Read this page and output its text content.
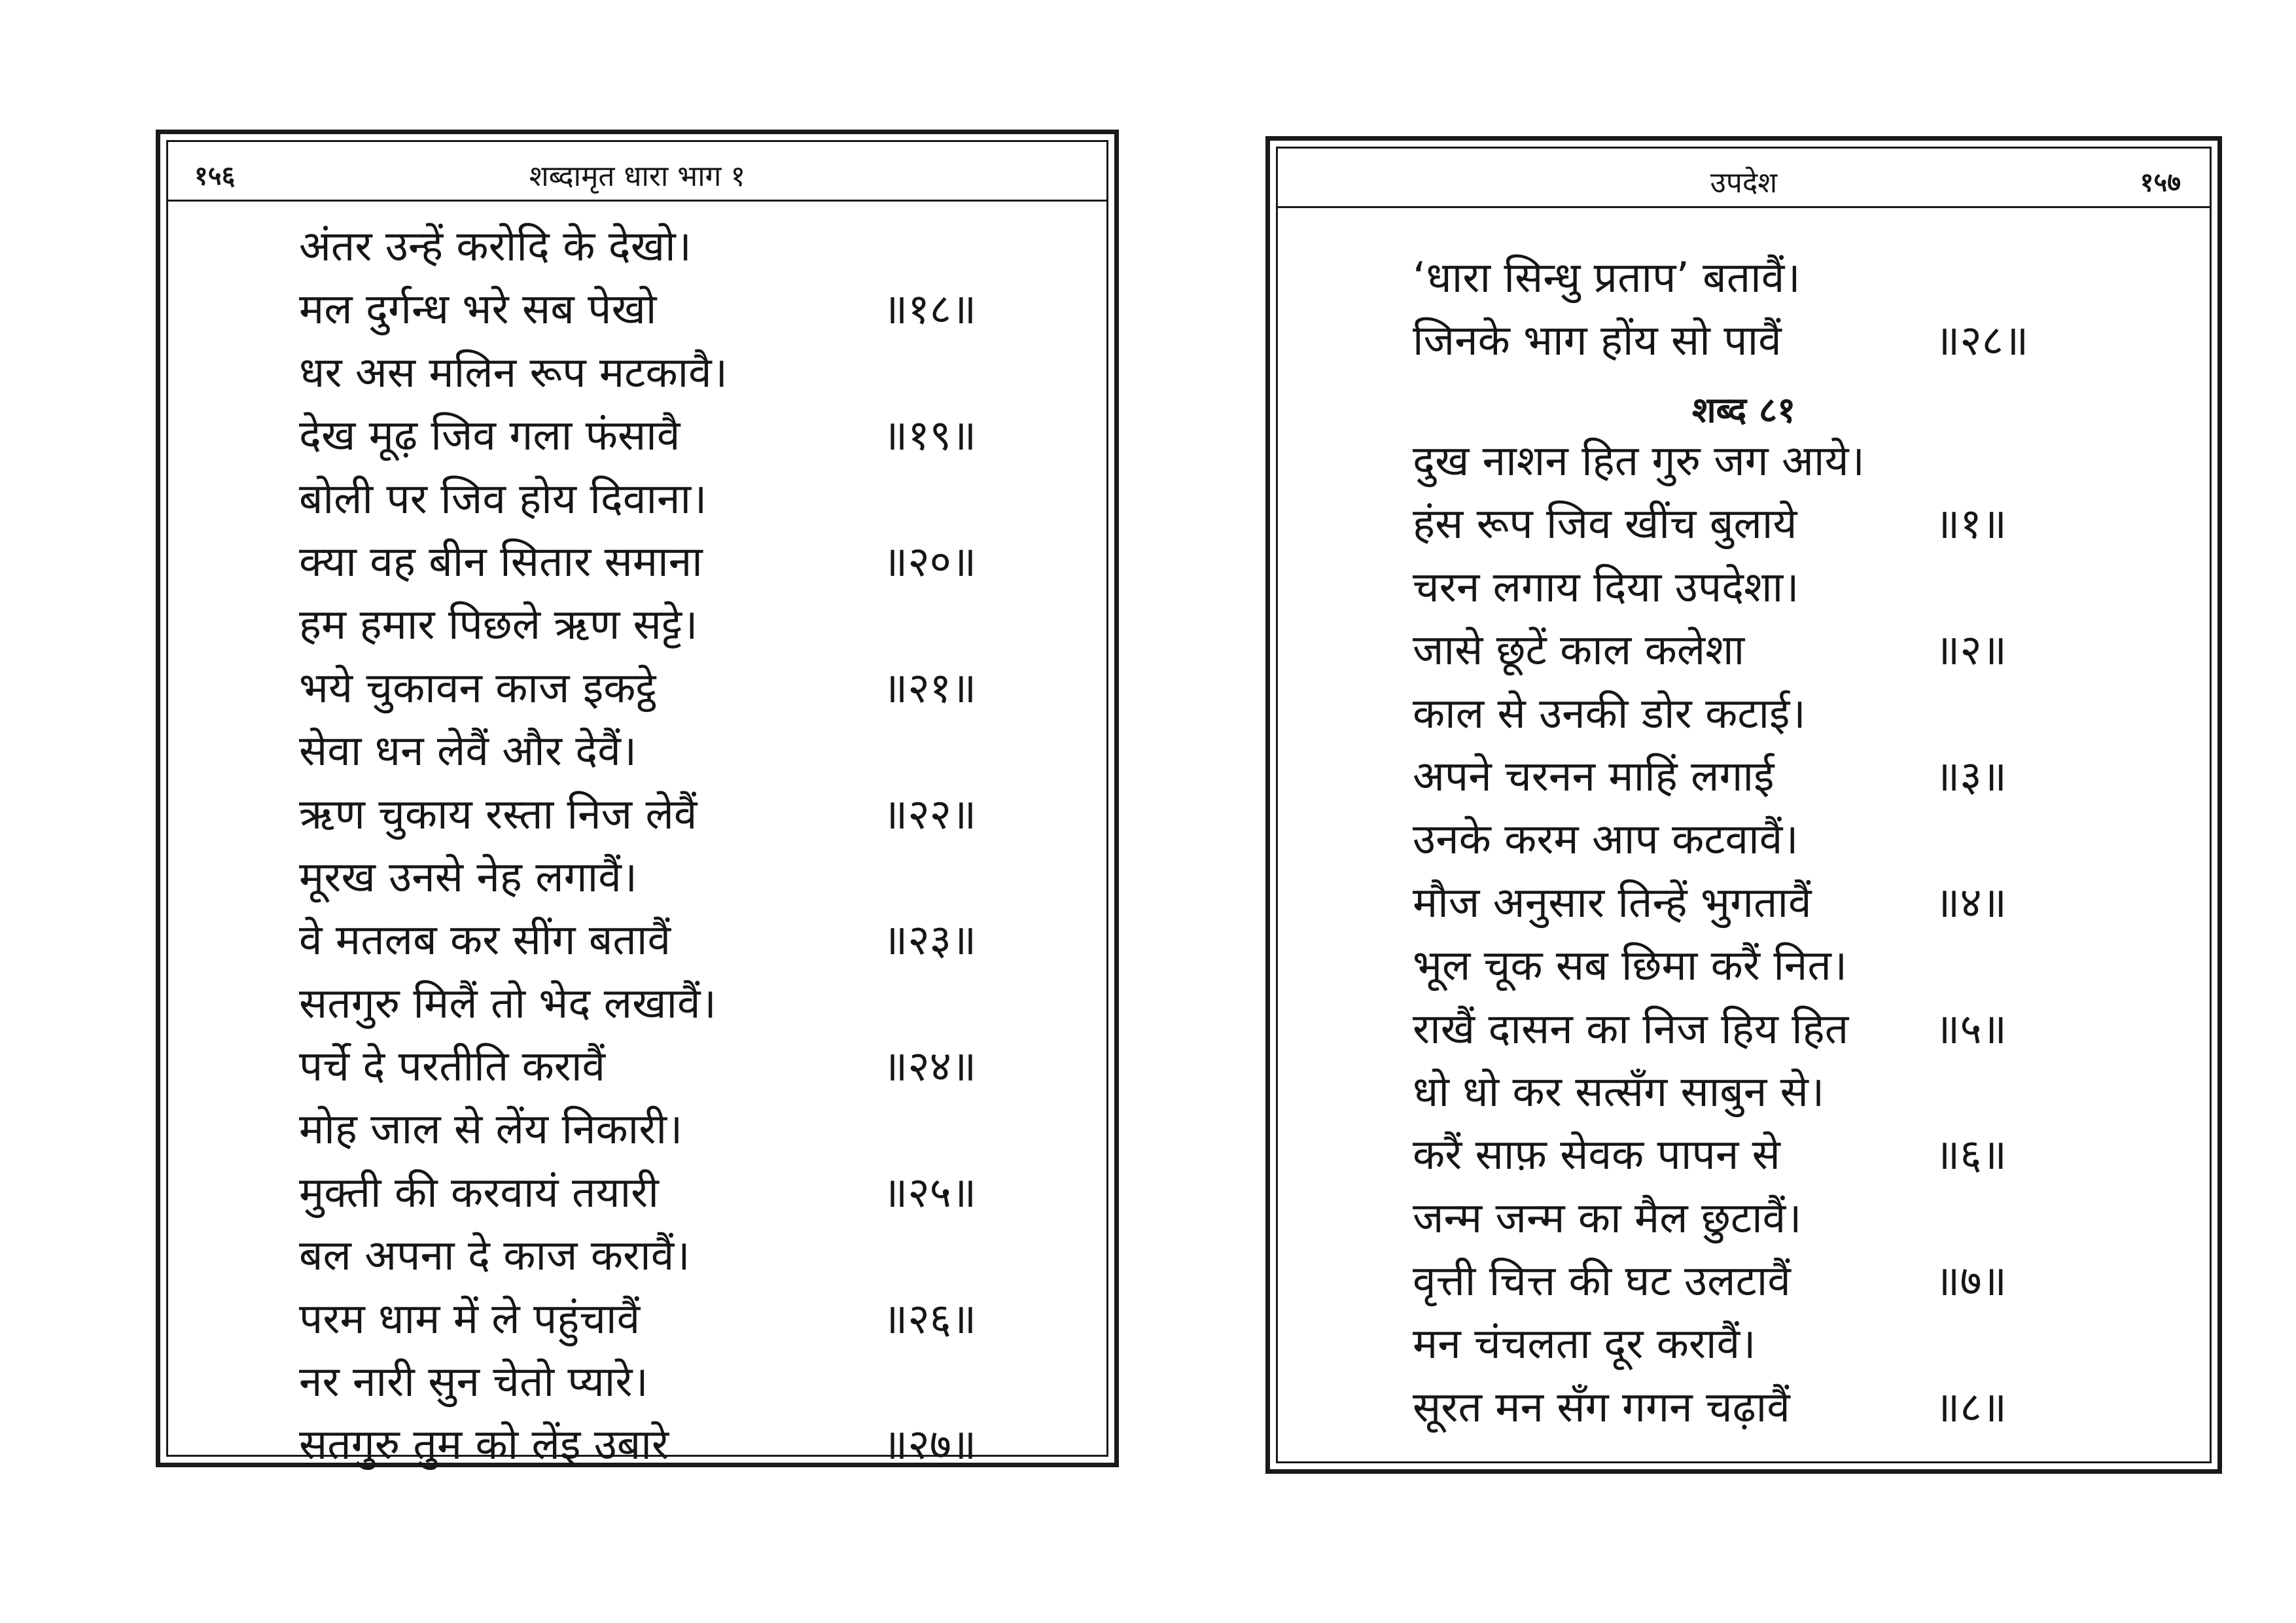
१५६	शब्दामृत धारा भाग १
अंतर उन्हें करोदि के देखो।
मल दुर्गन्ध भरे सब पेखो	॥१८॥
धर अस मलिन रूप मटकावै।
देख मूढ़ जिव गला फंसावै	॥१९॥
बोली पर जिव होय दिवाना।
क्या वह बीन सितार समाना	॥२०॥
हम हमार पिछले ऋण सट्टे।
भये चुकावन काज इकट्ठे	॥२१॥
सेवा धन लेवैं और देवैं।
ऋण चुकाय रस्ता निज लेवैं	॥२२॥
मूरख उनसे नेह लगावैं।
वे मतलब कर सींग बतावैं	॥२३॥
सतगुरु मिलैं तो भेद लखावैं।
पर्चे दे परतीति करावैं	॥२४॥
मोह जाल से लेंय निकारी।
मुक्ती की करवायं तयारी	॥२५॥
बल अपना दे काज करावैं।
परम धाम में ले पहुंचावैं	॥२६॥
नर नारी सुन चेतो प्यारे।
सतगुरु तुम को लेंइ उबारे	॥२७॥
उपदेश	१५७
‘धारा सिन्धु प्रताप’ बतावैं।
जिनके भाग होंय सो पावैं	॥२८॥
शब्द ८१
दुख नाशन हित गुरु जग आये।
हंस रूप जिव खींच बुलाये	॥१॥
चरन लगाय दिया उपदेशा।
जासे छूटें काल कलेशा	॥२॥
काल से उनकी डोर कटाई।
अपने चरनन माहिं लगाई	॥३॥
उनके करम आप कटवावैं।
मौज अनुसार तिन्हें भुगतावैं	॥४॥
भूल चूक सब छिमा करैं नित।
राखैं दासन का निज हिय हित ॥५॥
धो धो कर सत्सँग साबुन से।
करैं साफ़ सेवक पापन से	॥६॥
जन्म जन्म का मैल छुटावैं।
वृत्ती चित्त की घट उलटावैं	॥७॥
मन चंचलता दूर करावैं।
सूरत मन सँग गगन चढ़ावैं	॥८॥
